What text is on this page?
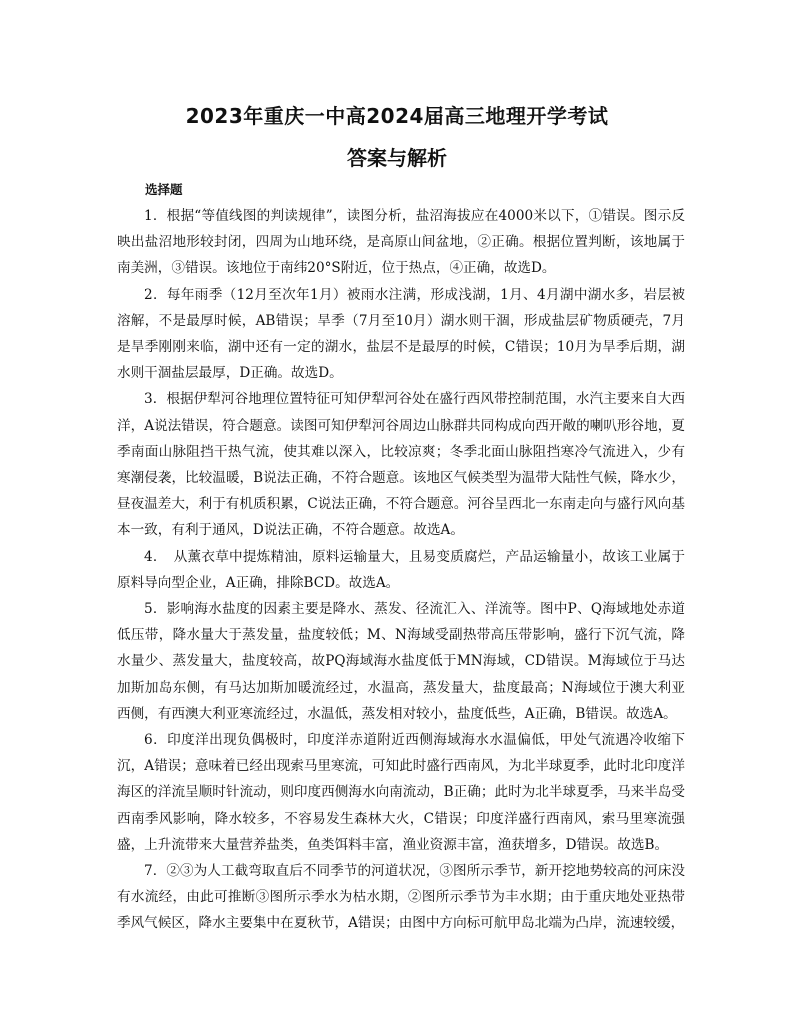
2023年重庆一中高2024届高三地理开学考试
答案与解析
选择题

1．根据“等值线图的判读规律”，读图分析，盐沼海拔应在4000米以下，①错误。图示反映出盐沼地形较封闭，四周为山地环绕，是高原山间盆地，②正确。根据位置判断，该地属于南美洲，③错误。该地位于南纬20°S附近，位于热点，④正确，故选D。

2．每年雨季（12月至次年1月）被雨水注满，形成浅湖，1月、4月湖中湖水多，岩层被溶解，不是最厚时候，AB错误；旱季（7月至10月）湖水则干涸，形成盐层矿物质硬壳，7月是旱季刚刚来临，湖中还有一定的湖水，盐层不是最厚的时候，C错误；10月为旱季后期，湖水则干涸盐层最厚，D正确。故选D。

3．根据伊犁河谷地理位置特征可知伊犁河谷处在盛行西风带控制范围，水汽主要来自大西洋，A说法错误，符合题意。读图可知伊犁河谷周边山脉群共同构成向西开敞的喇叭形谷地，夏季南面山脉阻挡干热气流，使其难以深入，比较凉爽；冬季北面山脉阻挡寒冷气流进入，少有寒潮侵袭，比较温暖，B说法正确，不符合题意。该地区气候类型为温带大陆性气候，降水少，昼夜温差大，利于有机质积累，C说法正确，不符合题意。河谷呈西北一东南走向与盛行风向基本一致，有利于通风，D说法正确，不符合题意。故选A。

4．　从薰衣草中提炼精油，原料运输量大，且易变质腐烂，产品运输量小，故该工业属于原料导向型企业，A正确，排除BCD。故选A。

5．影响海水盐度的因素主要是降水、蒸发、径流汇入、洋流等。图中P、Q海域地处赤道低压带，降水量大于蒸发量，盐度较低；M、N海域受副热带高压带影响，盛行下沉气流，降水量少、蒸发量大，盐度较高，故PQ海域海水盐度低于MN海域，CD错误。M海域位于马达加斯加岛东侧，有马达加斯加暖流经过，水温高，蒸发量大，盐度最高；N海域位于澳大利亚西侧，有西澳大利亚寒流经过，水温低，蒸发相对较小，盐度低些，A正确，B错误。故选A。

6．印度洋出现负偶极时，印度洋赤道附近西侧海域海水水温偏低，甲处气流遇冷收缩下沉，A错误；意味着已经出现索马里寒流，可知此时盛行西南风，为北半球夏季，此时北印度洋海区的洋流呈顺时针流动，则印度西侧海水向南流动，B正确；此时为北半球夏季，马来半岛受西南季风影响，降水较多，不容易发生森林大火，C错误；印度洋盛行西南风，索马里寒流强盛，上升流带来大量营养盐类，鱼类饵料丰富，渔业资源丰富，渔获增多，D错误。故选B。

7．②③为人工截弯取直后不同季节的河道状况，③图所示季节，新开挖地势较高的河床没有水流经，由此可推断③图所示季水为枯水期，②图所示季节为丰水期；由于重庆地处亚热带季风气候区，降水主要集中在夏秋节，A错误；由图中方向标可航甲岛北端为凸岸，流速较缓，
